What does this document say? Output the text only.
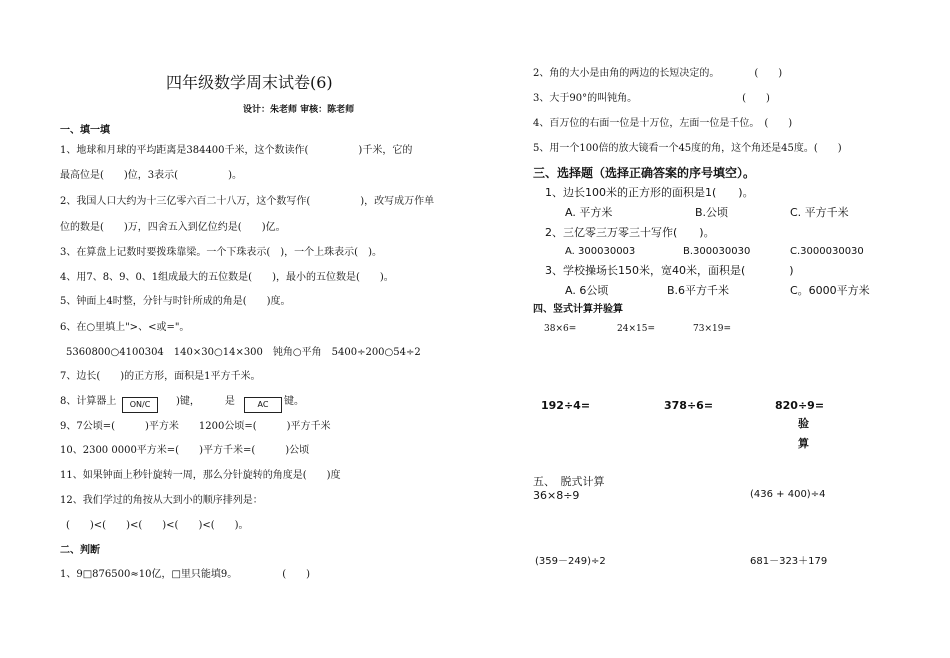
四年级数学周末试卷(6)
设计：朱老师 审核：陈老师
一、填一填
1、地球和月球的平均距离是384400千米，这个数读作(　　　　　)千米，它的
最高位是(　　)位，3表示(　　　　　)。
2、我国人口大约为十三亿零六百二十八万，这个数写作(　　　　　)，改写成万作单
位的数是(　　)万，四舍五入到亿位约是(　　)亿。
3、在算盘上记数时要拨珠靠梁。一个下珠表示(　)，一个上珠表示(　)。
4、用7、8、9、0、1组成最大的五位数是(　　)，最小的五位数是(　　)。
5、钟面上4时整，分针与时针所成的角是(　　)度。
6、在○里填上">、<或="。
5360800○4100304　140×30○14×300　钝角○平角　5400÷200○54÷2
7、边长(　　)的正方形，面积是1平方千米。
8、计算器上	ON/C	)键，　　　是	AC	键。
9、7公顷=(　　　)平方米　　1200公顷=(　　　)平方千米
10、2300 0000平方米=(　　)平方千米=(　　　)公顷
11、如果钟面上秒针旋转一周，那么分针旋转的角度是(　　)度
12、我们学过的角按从大到小的顺序排列是：
(　　)<(　　)<(　　)<(　　)<(　　)。
二、判断
1、9□876500≈10亿，□里只能填9。　　　　　(　　)
2、角的大小是由角的两边的长短决定的。　　　　(　　)
3、大于90°的叫钝角。　　　　　　　　　　　(　　)
4、百万位的右面一位是十万位，左面一位是千位。　(　　)
5、用一个100倍的放大镜看一个45度的角，这个角还是45度。(　　)
三、选择题（选择正确答案的序号填空）。
1、边长100米的正方形的面积是1(　　)。
A. 平方米	B.公顷	C. 平方千米
2、三亿零三万零三十写作(　　)。
A. 300030003	B.300030030	C.3000030030
3、学校操场长150米，宽40米，面积是(　　　　)
A. 6公顷	B.6平方千米	C。6000平方米
四、竖式计算并验算
38×6=	24×15=	73×19=
192÷4=	378÷6=	820÷9=
验
算
五、　脱式计算
36×8÷9	(436 + 400)÷4
(359－249)÷2	681－323＋179
